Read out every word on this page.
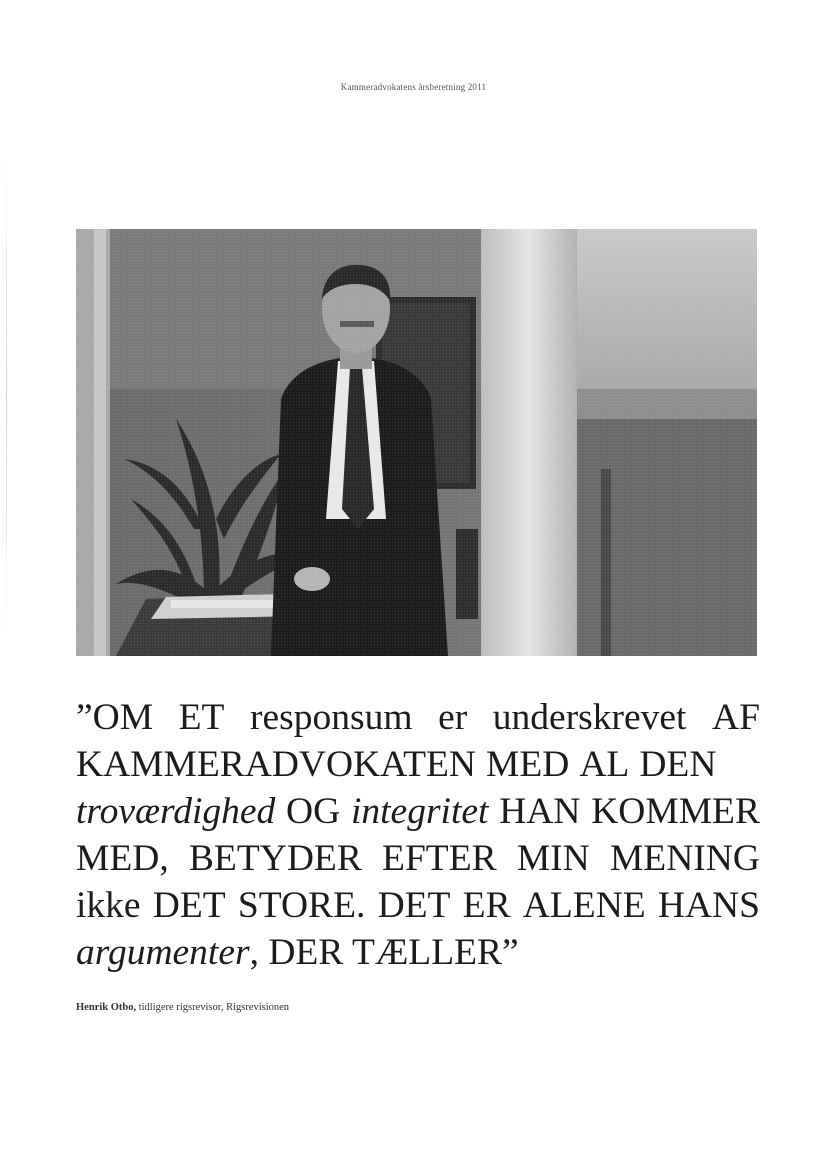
Kammeradvokatens årsberetning 2011
”OM ET responsum er underskrevet AF
KAMMERADVOKATEN MED AL DEN
troværdighed OG integritet HAN KOMMER
MED, BETYDER EFTER MIN MENING
ikke DET STORE. DET ER ALENE HANS
argumenter , DER TÆLLER”
Henrik Otbo, tidligere rigsrevisor, Rigsrevisionen
